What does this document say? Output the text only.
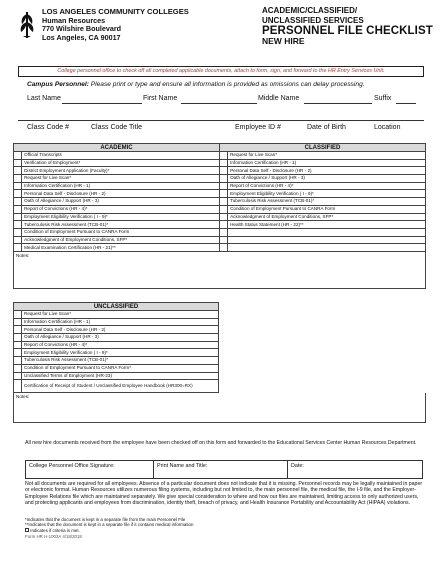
LOS ANGELES COMMUNITY COLLEGES
Human Resources
770 Wilshire Boulevard
Los Angeles, CA 90017
ACADEMIC/CLASSIFIED/
UNCLASSIFIED SERVICES
PERSONNEL FILE CHECKLIST
NEW HIRE
College personnel office to check off all completed applicable documents, attach to form, sign, and forward to the HR Entry Services Unit.
Campus Personnel: Please print or type and ensure all information is provided as omissions can delay processing.
Last Name	First Name	Middle Name	Suffix
Class Code #	Class Code Title	Employee ID #	Date of Birth	Location
ACADEMIC		CLASSIFIED	
	Official Transcripts		Request for Live Scan*
	Verification of Employment*		Information Certification (HR - 1)
	District Employment Application (Faculty)*		Personal Data Self - Disclosure (HR - 2)
	Request for Live Scan*		Oath of Allegiance / Support (HR - 3)
	Information Certification (HR - 1)		Report of Convictions (HR - 4)*
	Personal Data Self - Disclosure (HR - 2)		Employment Eligibility Verification ( I - 9)*
	Oath of Allegiance / Support (HR - 3)		Tuberculosis Risk Assessment (TCB-01)*
	Report of Convictions (HR - 4)*		Condition of Employment Pursuant to CANRA Form
	Employment Eligibility Verification ( I - 9)*		Acknowledgment of Employment Conditions, SFP*
	Tuberculosis Risk Assessment (TCB-01)*		Health Status Statement (HR - 22)**
	Condition of Employment Pursuant to CANRA Form		
	Acknowledgment of Employment Conditions, SFP*		
	Medical Examination Certification (HR - 21)**		
Notes:
UNCLASSIFIED	
	Request for Live Scan*
	Information Certification (HR - 1)
	Personal Data Self - Disclosure (HR - 2)
	Oath of Allegiance / Support (HR - 3)
	Report of Convictions (HR - 4)*
	Employment Eligibility Verification ( I - 9)*
	Tuberculosis Risk Assessment (TCB-01)*
	Condition of Employment Pursuant to CANRA Form*
	Unclassified Terms of Employment (HR-23)
	Certification of Receipt of Student / Unclassified Employee Handbook (HR300=RX)
Notes:
All new hire documents received from the employee have been checked off on this form and forwarded to the Educational Services Center Human Resources Department.
College Personnel Office Signature:	Print Name and Title:	Date:
Not all documents are required for all employees. Absence of a particular document does not indicate that it is missing. Personnel records may be legally maintained in paper or electronic format. Human Resources utilizes numerous filing systems, including but not limited to, the main personnel file, the medical file, the I-9 file, and the Employer-Employee Relations file which are maintained separately. We give special consideration to where and how our files are maintained, limiting access to only authorized users, and protecting applicants and employees from discrimination, identity theft, breach of privacy, and Health Insurance Portability and Accountability Act (HIPAA) violations.
*Indicates that the document is kept in a separate file from the main Personnel File
**Indicates that the document is kept in a separate file if it contains medical information
Indicates if criteria is met.
Form HR H-1002A 4/18/2018
